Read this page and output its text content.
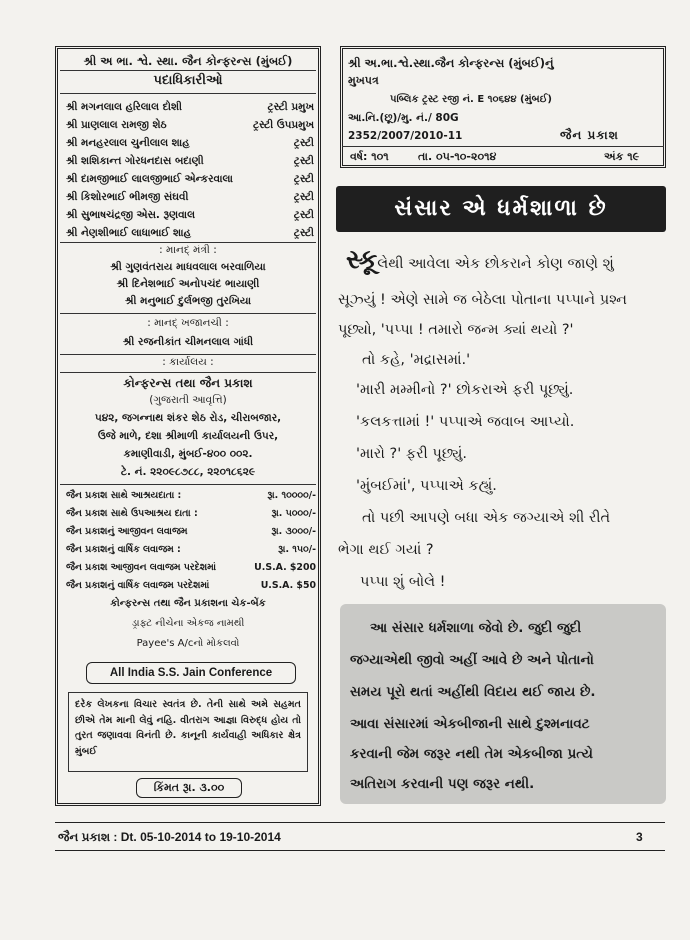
શ્રી અ ભા. શ્વે. સ્થા. જૈન કોન્ફરન્સ (મુંબઈ)
પદાધિકારીઓ
શ્રી મગનલાલ હરિલાલ દોશી	ટ્રસ્ટી પ્રમુખ
શ્રી પ્રાણલાલ રામજી શેઠ	ટ્રસ્ટી ઉપપ્રમુખ
શ્રી મનહરલાલ ચુનીલાલ શાહ	ટ્રસ્ટી
શ્રી શશિકાન્ત ગોરધનદાસ બદાણી	ટ્રસ્ટી
શ્રી દામજીભાઈ લાલજીભાઈ એન્કરવાલા	ટ્રસ્ટી
શ્રી કિશોરભાઈ ભીમજી સંઘવી	ટ્રસ્ટી
શ્રી સુભાષચંદ્રજી એસ. રૂણવાલ	ટ્રસ્ટી
શ્રી નેણશીભાઈ લાધાભાઈ શાહ	ટ્રસ્ટી
: માનદ્ મંત્રી :
શ્રી ગુણવંતરાય માધવલાલ બરવાળિયા
શ્રી દિનેશભાઈ અનોપચંદ ભાયાણી
શ્રી મનુભાઈ દુર્લભજી તુરખિયા
: માનદ્ ખજાનચી :
શ્રી રજનીકાંત ચીમનલાલ ગાંધી
: કાર્યાલય :
કોન્ફરન્સ તથા જૈન પ્રકાશ
(ગુજરાતી આવૃત્તિ)
૫૪૨, જગન્નાથ શંકર શેઠ રોડ, ચીરાબજાર,
ઉજે માળે, દશા શ્રીમાળી કાર્યાલયની ઉપર,
કમાણીવાડી, મુંબઈ-૪૦૦ ૦૦૨.
ટે. નં. ૨૨૦૯૮૭૮૮, ૨૨૦૧૮૬૨૯
જૈન પ્રકાશ સાથે આશ્રયદાતા :	રૂા. ૧૦૦૦૦/-
જૈન પ્રકાશ સાથે ઉપઆશ્રય દાતા :	રૂા. ૫૦૦૦/-
જૈન પ્રકાશનું આજીવન લવાજમ	રૂા. ૩૦૦૦/-
જૈન પ્રકાશનું વાર્ષિક લવાજમ :	રૂા. ૧૫૦/-
જૈન પ્રકાશ આજીવન લવાજમ પરદેશમાં	U.S.A. $200
જૈન પ્રકાશનું વાર્ષિક લવાજમ પરદેશમાં	U.S.A. $50
કોન્ફરન્સ તથા જૈન પ્રકાશના ચેક-બેંક
ડ્રાફ્ટ નીચેના એકજ નામથી
Payee's A/cનો મોકલવો
All India S.S. Jain Conference
દરેક લેખકના વિચાર સ્વતંત્ર છે. તેની સાથે અમે સહમત છીએ તેમ માની લેવું નહિ. વીતરાગ આજ્ઞા વિરુદ્ધ હોય તો તુરત જણાવવા વિનંતી છે. કાનૂની કાર્યવાહી અધિકાર ક્ષેત્ર મુંબઈ
કિંમત રૂા. ૩.૦૦
શ્રી અ.ભા.શ્વે.સ્થા.જૈન કોન્ફરન્સ (મુંબઈ)નું
મુખપત્ર
પબ્લિક ટ્રસ્ટ રજી નં. E ૧૦૬૪૪ (મુંબઈ)
આ.નિ.(છૂ)/મુ. નં./ 80G
2352/2007/2010-11	જૈન પ્રકાશ
વર્ષ: ૧૦૧	તા. ૦૫-૧૦-૨૦૧૪	અંક ૧૯
સંસાર એ ધર્મશાળા છે
સ્કૂલેથી આવેલા એક છોકરાને કોણ જાણે શું
સૂઝ્યું ! એણે સામે જ બેઠેલા પોતાના પપ્પાને પ્રશ્ન
પૂછ્યો, 'પપ્પા ! તમારો જન્મ ક્યાં થયો ?'
તો કહે, 'મદ્રાસમાં.'
'મારી મમ્મીનો ?' છોકરાએ ફરી પૂછ્યું.
'કલકત્તામાં !' પપ્પાએ જવાબ આપ્યો.
'મારો ?' ફરી પૂછ્યું.
'મુંબઈમાં', પપ્પાએ કહ્યું.
તો પછી આપણે બધા એક જગ્યાએ શી રીતે
ભેગા થઈ ગયાં ?
પપ્પા શું બોલે !
આ સંસાર ધર્મશાળા જેવો છે. જુદી જુદી
જગ્યાએથી જીવો અહીં આવે છે અને પોતાનો
સમય પૂરો થતાં અહીંથી વિદાય થઈ જાય છે.
આવા સંસારમાં એકબીજાની સાથે દુશ્મનાવટ
કરવાની જેમ જરૂર નથી તેમ એકબીજા પ્રત્યે
અતિરાગ કરવાની પણ જરૂર નથી.
જૈન પ્રકાશ : Dt. 05-10-2014 to 19-10-2014	3
